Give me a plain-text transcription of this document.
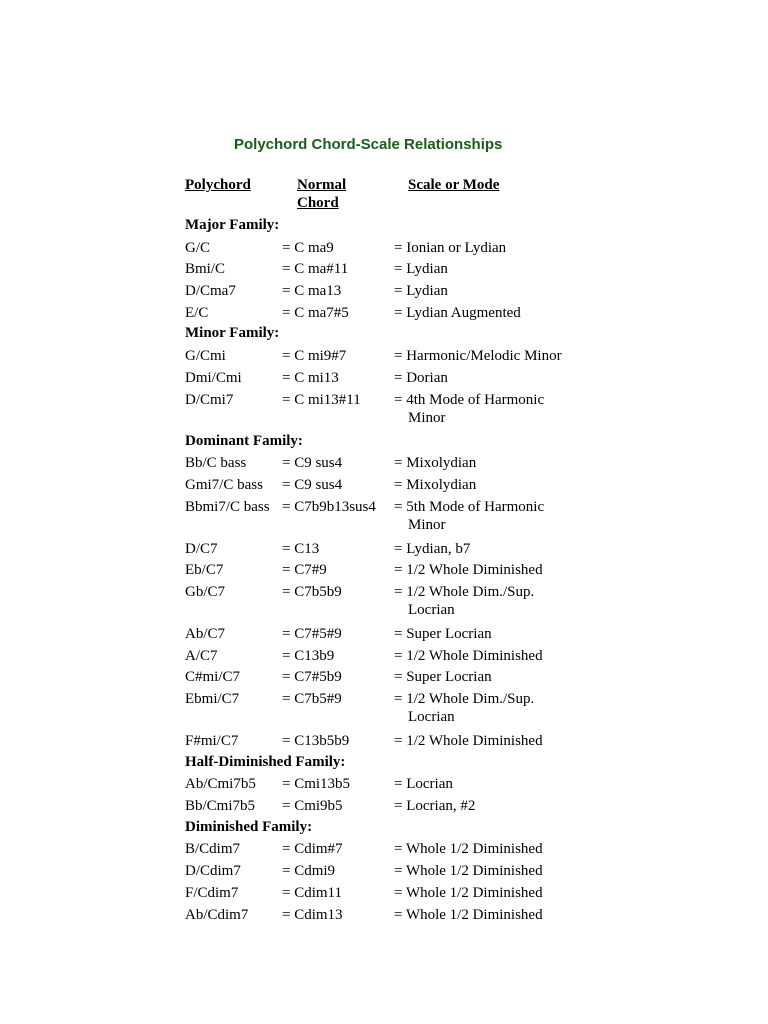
Polychord Chord-Scale Relationships
Polychord	Normal
Chord
Scale or Mode
Major Family:
G/C	= C ma9	= Ionian or Lydian
Bmi/C	= C ma#11	= Lydian
D/Cma7	= C ma13	= Lydian
E/C	= C ma7#5	= Lydian Augmented
Minor Family:
G/Cmi	= C mi9#7	= Harmonic/Melodic Minor
Dmi/Cmi	= C mi13	= Dorian
D/Cmi7	= C mi13#11 = 4th Mode of Harmonic
Minor
Dominant Family:
Bb/C bass = C9 sus4	= Mixolydian
Gmi7/C bass = C9 sus4	= Mixolydian
Bbmi7/C bass = C7b9b13sus4 = 5th Mode of Harmonic
Minor
D/C7	= C13	= Lydian, b7
Eb/C7	= C7#9	= 1/2 Whole Diminished
Gb/C7	= C7b5b9	= 1/2 Whole Dim./Sup.
Locrian
Ab/C7	= C7#5#9	= Super Locrian
A/C7	= C13b9	= 1/2 Whole Diminished
C#mi/C7	= C7#5b9	= Super Locrian
Ebmi/C7	= C7b5#9	= 1/2 Whole Dim./Sup.
Locrian
F#mi/C7	= C13b5b9	= 1/2 Whole Diminished
Half-Diminished Family:
Ab/Cmi7b5 = Cmi13b5	= Locrian
Bb/Cmi7b5 = Cmi9b5	= Locrian, #2
Diminished Family:
B/Cdim7	= Cdim#7	= Whole 1/2 Diminished
D/Cdim7	= Cdmi9	= Whole 1/2 Diminished
F/Cdim7	= Cdim11	= Whole 1/2 Diminished
Ab/Cdim7 = Cdim13	= Whole 1/2 Diminished
